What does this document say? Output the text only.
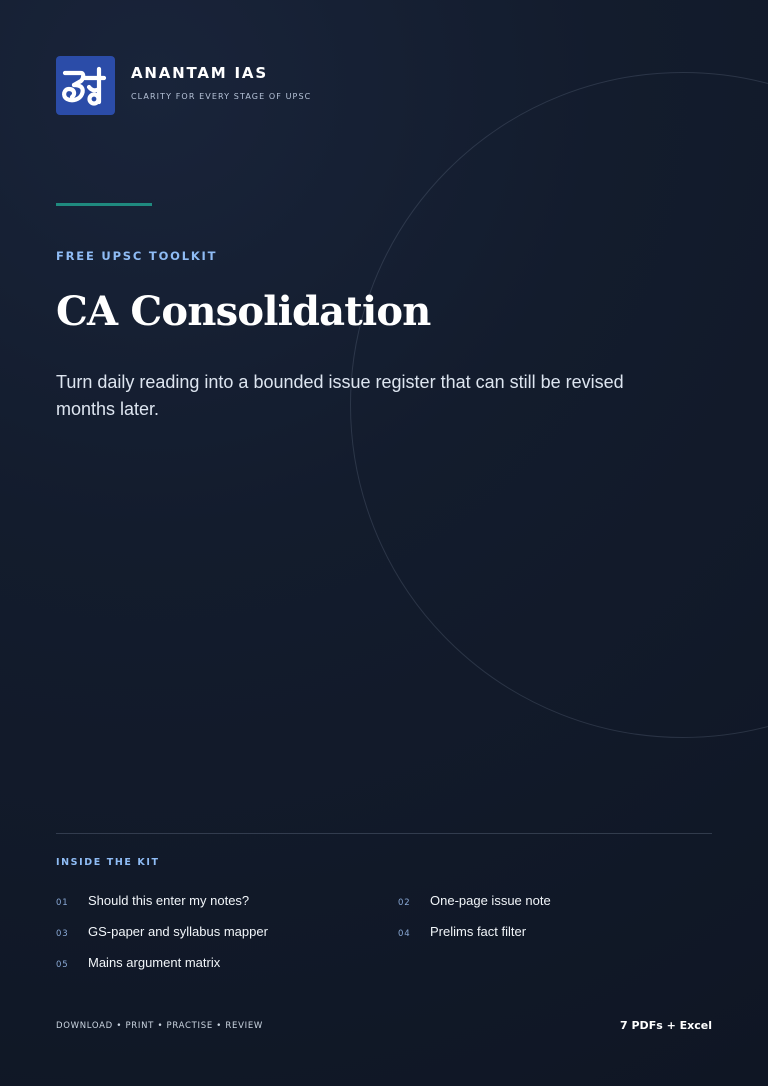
ANANTAM IAS
CLARITY FOR EVERY STAGE OF UPSC
FREE UPSC TOOLKIT
CA Consolidation

Turn daily reading into a bounded issue register that can still be revised months later.

INSIDE THE KIT
01	Should this enter my notes?	02	One-page issue note
03	GS-paper and syllabus mapper	04	Prelims fact filter
05	Mains argument matrix
DOWNLOAD • PRINT • PRACTISE • REVIEW	7 PDFs + Excel
